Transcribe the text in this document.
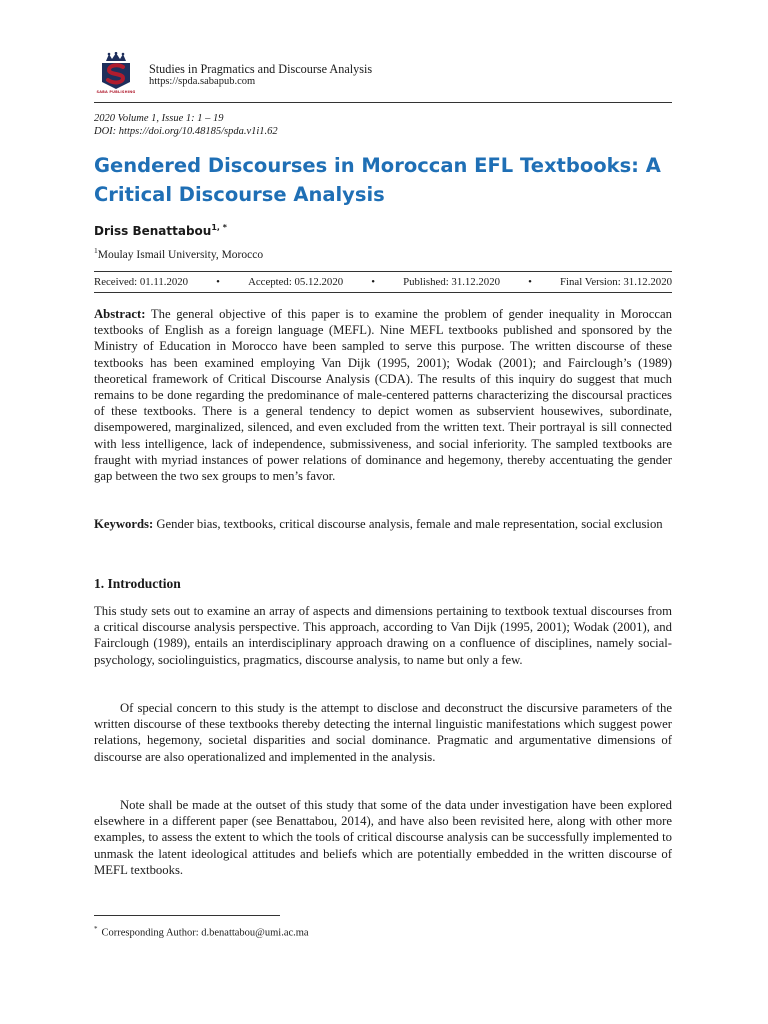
SABA PUBLISHING
Studies in Pragmatics and Discourse Analysis
https://spda.sabapub.com
2020 Volume 1, Issue 1: 1 – 19
DOI: https://doi.org/10.48185/spda.v1i1.62
Gendered Discourses in Moroccan EFL Textbooks: A Critical Discourse Analysis
Driss Benattabou$^{1, *}$
$^1$Moulay Ismail University, Morocco
Received: 01.11.2020	•	Accepted: 05.12.2020	•	Published: 31.12.2020	•	Final Version: 31.12.2020

Abstract: The general objective of this paper is to examine the problem of gender inequality in Moroccan textbooks of English as a foreign language (MEFL). Nine MEFL textbooks published and sponsored by the Ministry of Education in Morocco have been sampled to serve this purpose. The written discourse of these textbooks has been examined employing Van Dijk (1995, 2001); Wodak (2001); and Fairclough’s (1989) theoretical framework of Critical Discourse Analysis (CDA). The results of this inquiry do suggest that much remains to be done regarding the predominance of male-centered patterns characterizing the discoursal practices of these textbooks. There is a general tendency to depict women as subservient housewives, subordinate, disempowered, marginalized, silenced, and even excluded from the written text. Their portrayal is sill connected with less intelligence, lack of independence, submissiveness, and social inferiority. The sampled textbooks are fraught with myriad instances of power relations of dominance and hegemony, thereby accentuating the gender gap between the two sex groups to men’s favor.

Keywords: Gender bias, textbooks, critical discourse analysis, female and male representation, social exclusion

1. Introduction

This study sets out to examine an array of aspects and dimensions pertaining to textbook textual discourses from a critical discourse analysis perspective. This approach, according to Van Dijk (1995, 2001); Wodak (2001), and Fairclough (1989), entails an interdisciplinary approach drawing on a confluence of disciplines, namely social-psychology, sociolinguistics, pragmatics, discourse analysis, to name but only a few.

Of special concern to this study is the attempt to disclose and deconstruct the discursive parameters of the written discourse of these textbooks thereby detecting the internal linguistic manifestations which suggest power relations, hegemony, societal disparities and social dominance. Pragmatic and argumentative dimensions of discourse are also operationalized and implemented in the analysis.

Note shall be made at the outset of this study that some of the data under investigation have been explored elsewhere in a different paper (see Benattabou, 2014), and have also been revisited here, along with other more examples, to assess the extent to which the tools of critical discourse analysis can be successfully implemented to unmask the latent ideological attitudes and beliefs which are potentially embedded in the written discourse of MEFL textbooks.

* Corresponding Author: d.benattabou@umi.ac.ma
